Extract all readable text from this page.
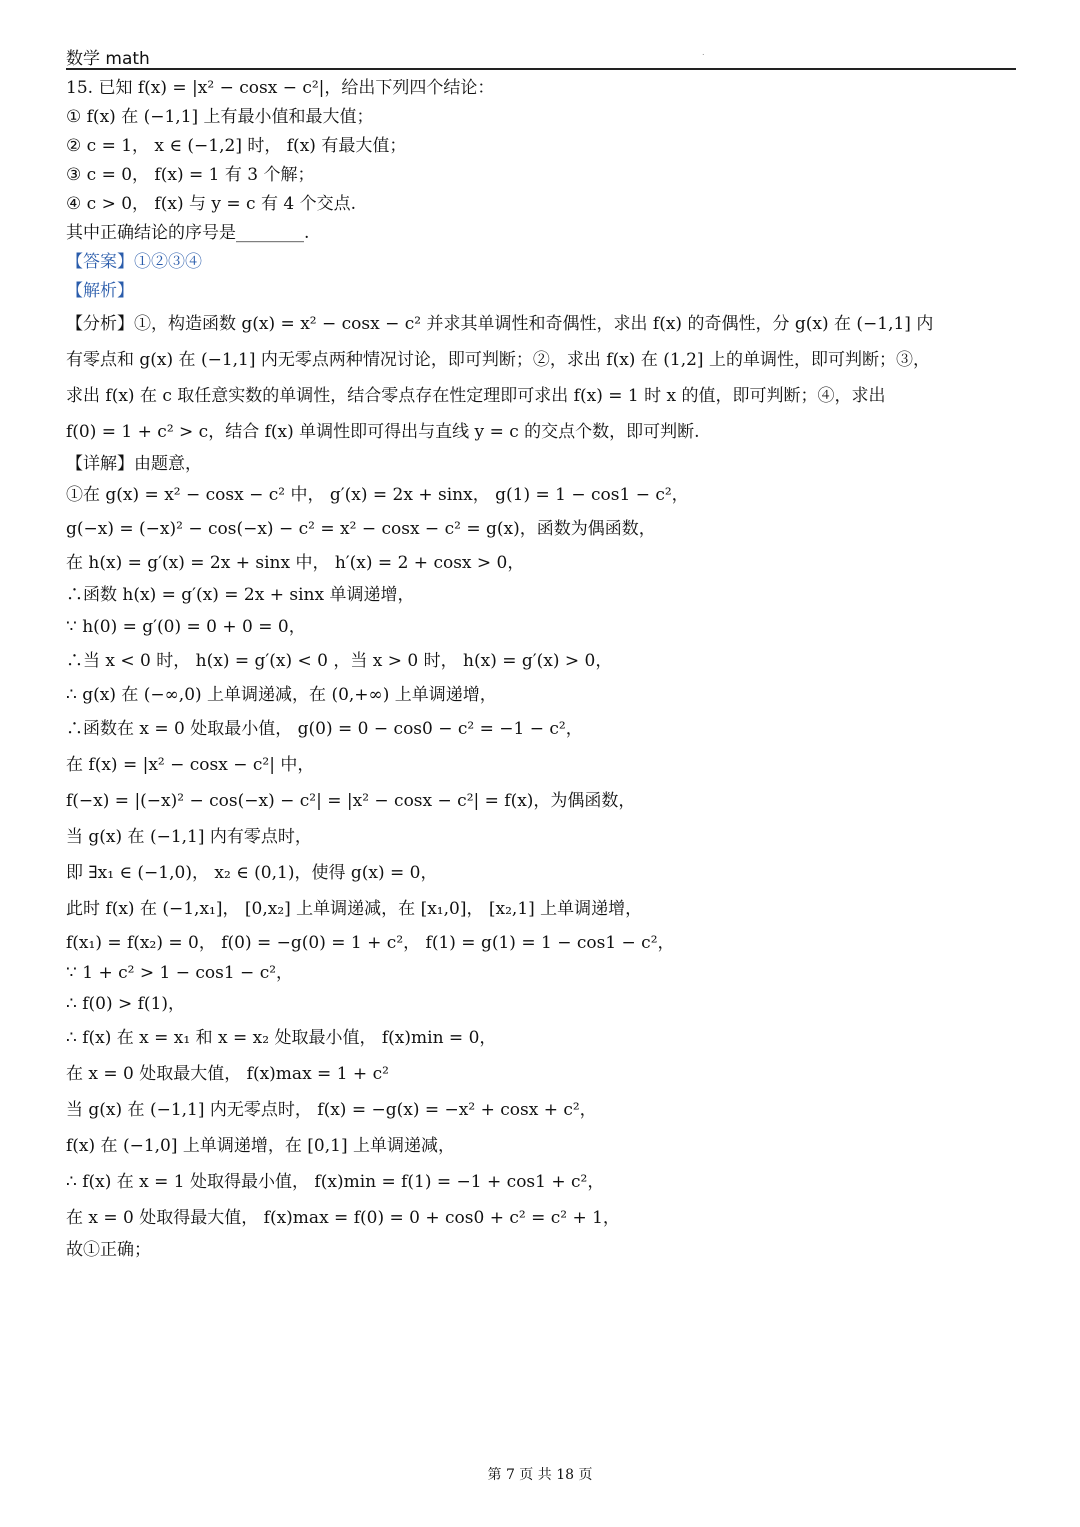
数学 math	.
15. 已知 f(x) = |x² − cosx − c²|，给出下列四个结论：
① f(x) 在 (−1,1] 上有最小值和最大值；
② c = 1， x ∈ (−1,2] 时， f(x) 有最大值；
③ c = 0， f(x) = 1 有 3 个解；
④ c > 0， f(x) 与 y = c 有 4 个交点.
其中正确结论的序号是________.
【答案】①②③④
【解析】
【分析】①，构造函数 g(x) = x² − cosx − c² 并求其单调性和奇偶性，求出 f(x) 的奇偶性，分 g(x) 在 (−1,1] 内
有零点和 g(x) 在 (−1,1] 内无零点两种情况讨论，即可判断；②，求出 f(x) 在 (1,2] 上的单调性，即可判断；③，
求出 f(x) 在 c 取任意实数的单调性，结合零点存在性定理即可求出 f(x) = 1 时 x 的值，即可判断；④，求出
f(0) = 1 + c² > c，结合 f(x) 单调性即可得出与直线 y = c 的交点个数，即可判断.
【详解】由题意，
①在 g(x) = x² − cosx − c² 中， g′(x) = 2x + sinx， g(1) = 1 − cos1 − c²，
g(−x) = (−x)² − cos(−x) − c² = x² − cosx − c² = g(x)，函数为偶函数，
在 h(x) = g′(x) = 2x + sinx 中， h′(x) = 2 + cosx > 0，
∴函数 h(x) = g′(x) = 2x + sinx 单调递增，
∵ h(0) = g′(0) = 0 + 0 = 0，
∴当 x < 0 时， h(x) = g′(x) < 0 ，当 x > 0 时， h(x) = g′(x) > 0，
∴ g(x) 在 (−∞,0) 上单调递减，在 (0,+∞) 上单调递增，
∴函数在 x = 0 处取最小值， g(0) = 0 − cos0 − c² = −1 − c²，
在 f(x) = |x² − cosx − c²| 中，
f(−x) = |(−x)² − cos(−x) − c²| = |x² − cosx − c²| = f(x)，为偶函数，
当 g(x) 在 (−1,1] 内有零点时，
即 ∃x₁ ∈ (−1,0)， x₂ ∈ (0,1)，使得 g(x) = 0，
此时 f(x) 在 (−1,x₁]， [0,x₂] 上单调递减，在 [x₁,0]， [x₂,1] 上单调递增，
f(x₁) = f(x₂) = 0， f(0) = −g(0) = 1 + c²， f(1) = g(1) = 1 − cos1 − c²，
∵ 1 + c² > 1 − cos1 − c²，
∴ f(0) > f(1)，
∴ f(x) 在 x = x₁ 和 x = x₂ 处取最小值， f(x)min = 0，
在 x = 0 处取最大值， f(x)max = 1 + c²
当 g(x) 在 (−1,1] 内无零点时， f(x) = −g(x) = −x² + cosx + c²，
f(x) 在 (−1,0] 上单调递增，在 [0,1] 上单调递减，
∴ f(x) 在 x = 1 处取得最小值， f(x)min = f(1) = −1 + cos1 + c²，
在 x = 0 处取得最大值， f(x)max = f(0) = 0 + cos0 + c² = c² + 1，
故①正确；
第 7 页 共 18 页
